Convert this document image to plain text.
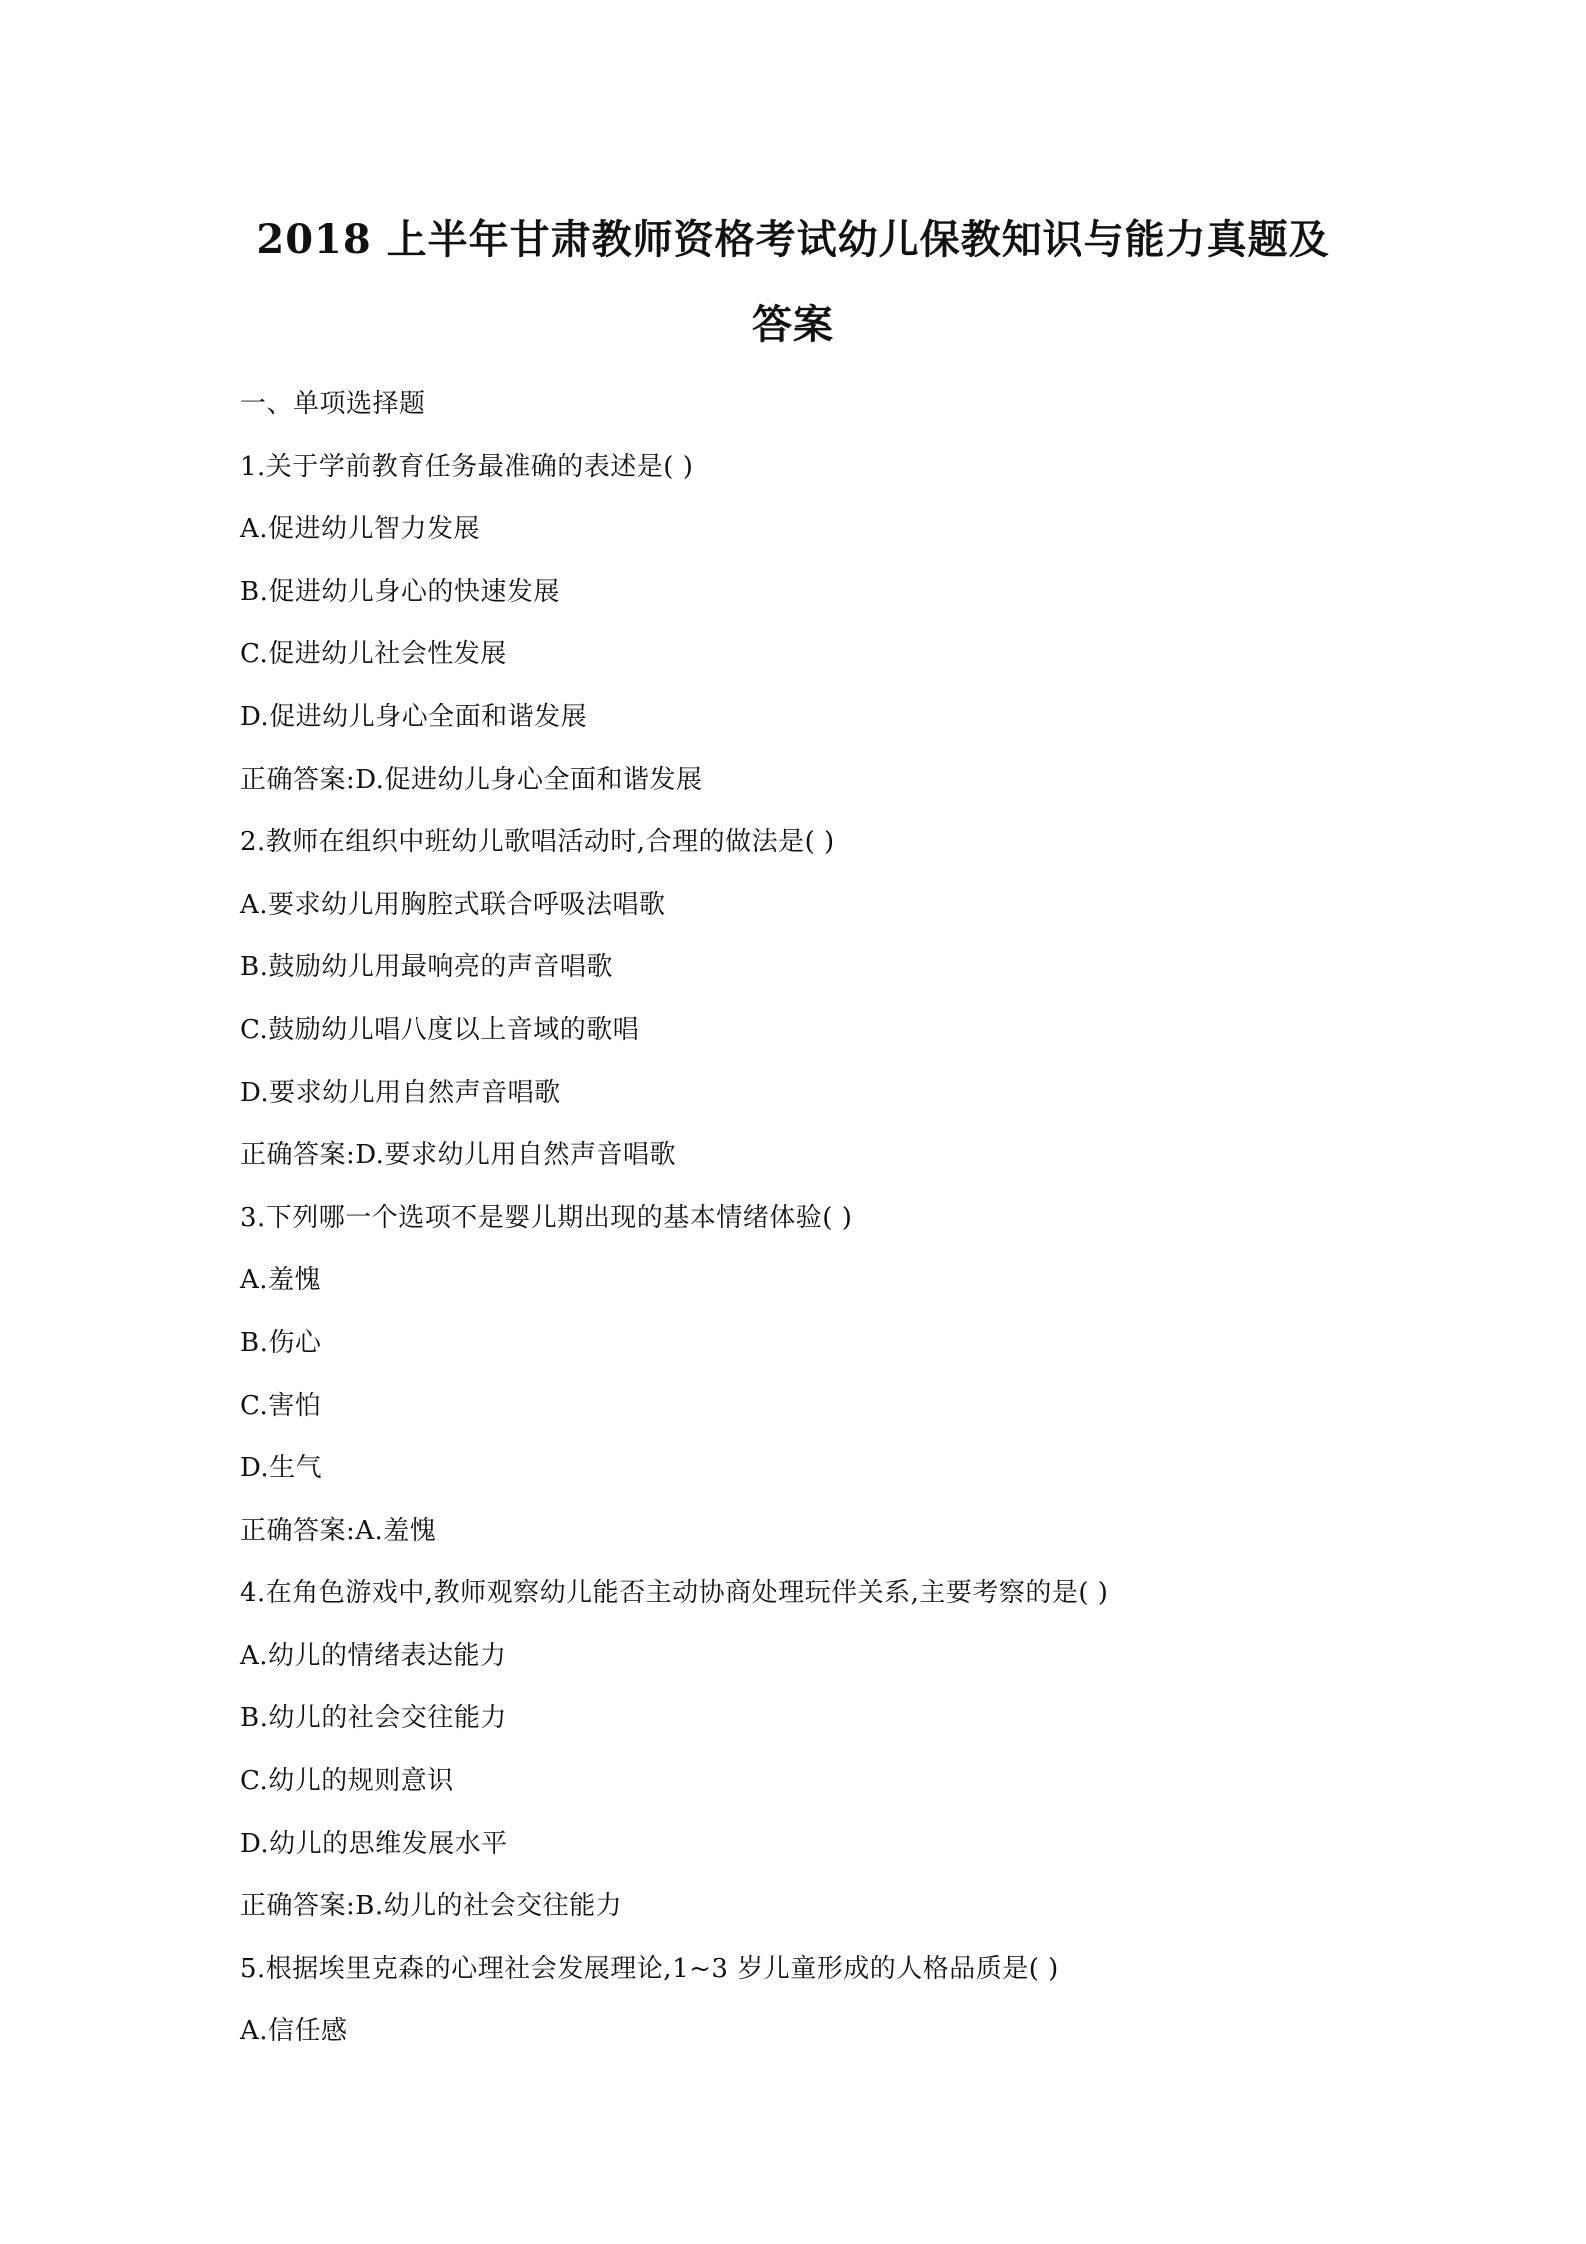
2018 上半年甘肃教师资格考试幼儿保教知识与能力真题及
答案
一、单项选择题
1.关于学前教育任务最准确的表述是( )
A.促进幼儿智力发展
B.促进幼儿身心的快速发展
C.促进幼儿社会性发展
D.促进幼儿身心全面和谐发展
正确答案:D.促进幼儿身心全面和谐发展
2.教师在组织中班幼儿歌唱活动时,合理的做法是( )
A.要求幼儿用胸腔式联合呼吸法唱歌
B.鼓励幼儿用最响亮的声音唱歌
C.鼓励幼儿唱八度以上音域的歌唱
D.要求幼儿用自然声音唱歌
正确答案:D.要求幼儿用自然声音唱歌
3.下列哪一个选项不是婴儿期出现的基本情绪体验( )
A.羞愧
B.伤心
C.害怕
D.生气
正确答案:A.羞愧
4.在角色游戏中,教师观察幼儿能否主动协商处理玩伴关系,主要考察的是( )
A.幼儿的情绪表达能力
B.幼儿的社会交往能力
C.幼儿的规则意识
D.幼儿的思维发展水平
正确答案:B.幼儿的社会交往能力
5.根据埃里克森的心理社会发展理论,1~3 岁儿童形成的人格品质是( )
A.信任感
